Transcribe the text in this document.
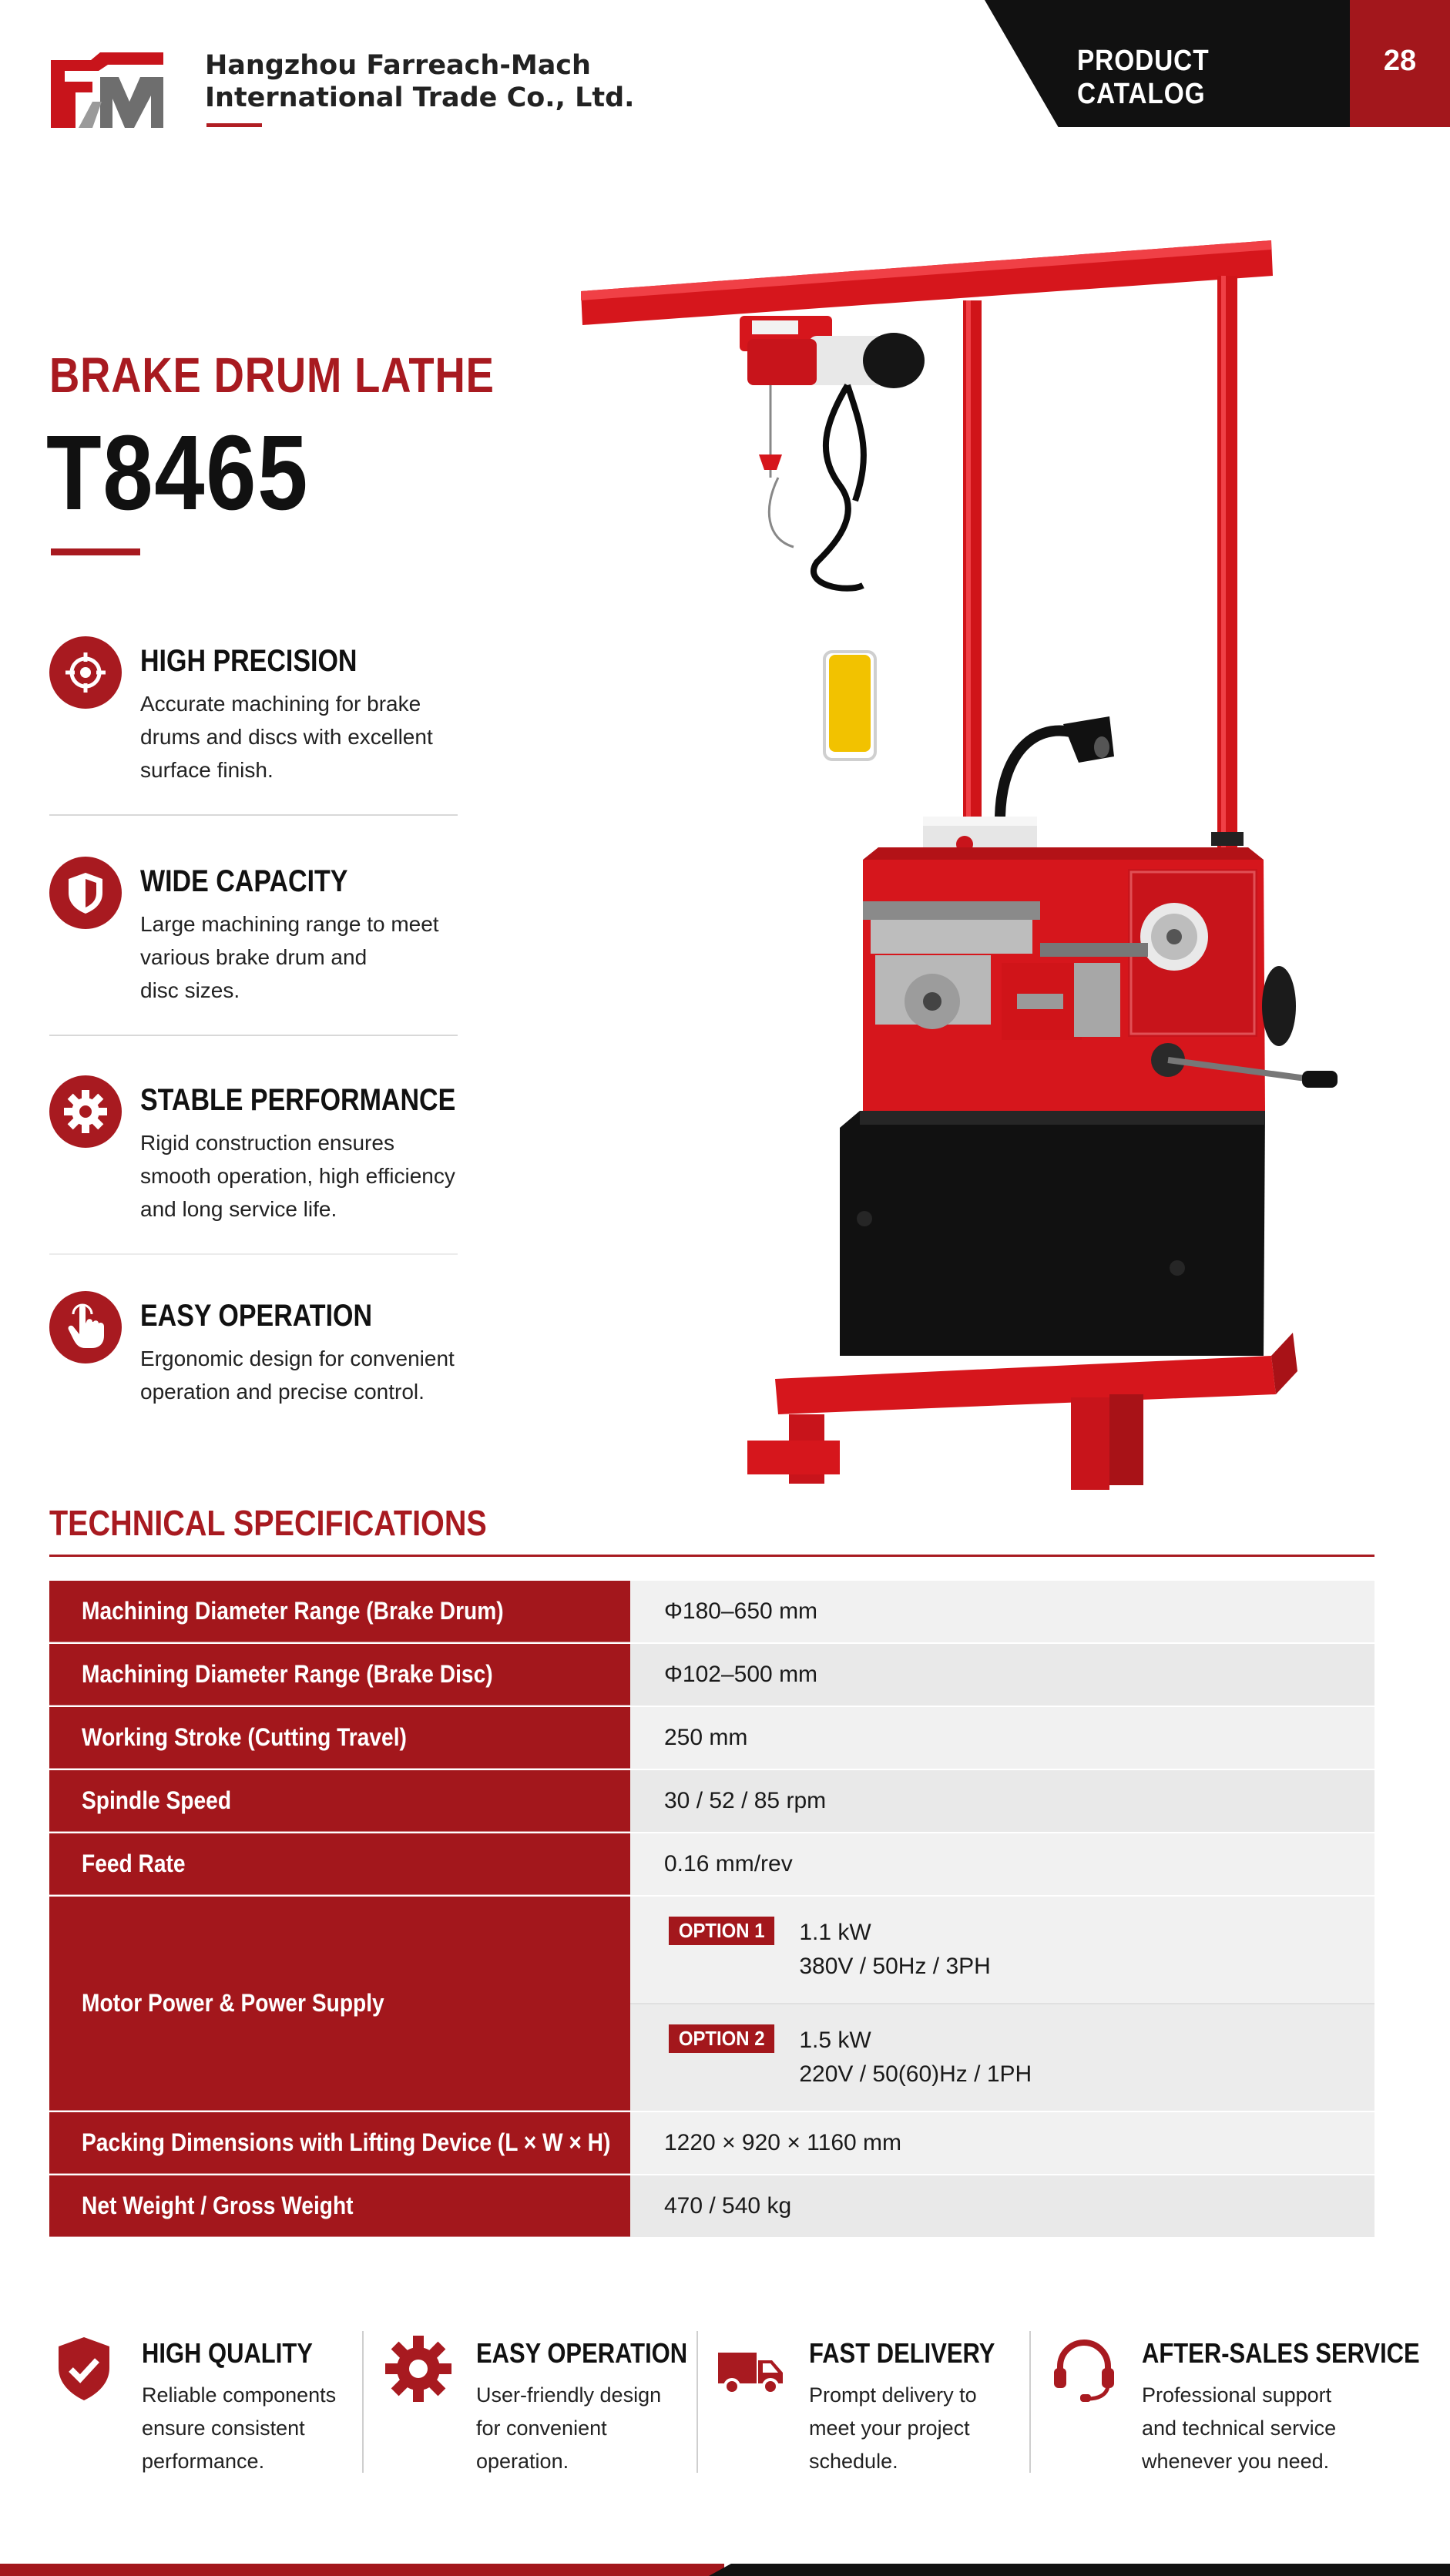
Hangzhou Farreach-Mach
International Trade Co., Ltd.
PRODUCT CATALOG
28
BRAKE DRUM LATHE
T8465
HIGH PRECISION
Accurate machining for brake
drums and discs with excellent
surface finish.
WIDE CAPACITY
Large machining range to meet
various brake drum and
disc sizes.
STABLE PERFORMANCE
Rigid construction ensures
smooth operation, high efficiency
and long service life.
EASY OPERATION
Ergonomic design for convenient
operation and precise control.
TECHNICAL SPECIFICATIONS
Machining Diameter Range (Brake Drum)	Φ180–650 mm
Machining Diameter Range (Brake Disc)	Φ102–500 mm
Working Stroke (Cutting Travel)	250 mm
Spindle Speed	30 / 52 / 85 rpm
Feed Rate	0.16 mm/rev
Motor Power & Power Supply
OPTION 1	1.1 kW
380V / 50Hz / 3PH
OPTION 2	1.5 kW
220V / 50(60)Hz / 1PH
Packing Dimensions with Lifting Device (L × W × H)	1220 × 920 × 1160 mm
Net Weight / Gross Weight	470 / 540 kg
HIGH QUALITY
Reliable components
ensure consistent
performance.
EASY OPERATION
User-friendly design
for convenient
operation.
FAST DELIVERY
Prompt delivery to
meet your project
schedule.
AFTER-SALES SERVICE
Professional support
and technical service
whenever you need.
